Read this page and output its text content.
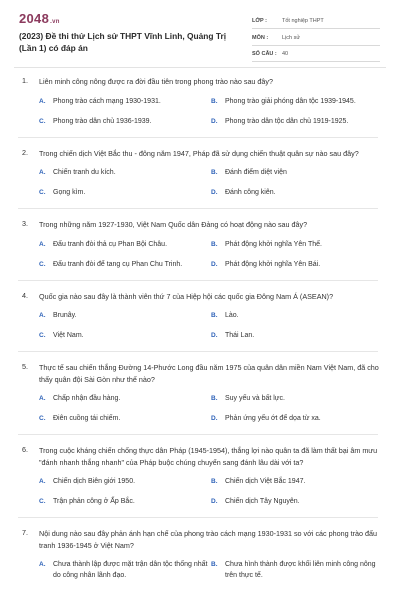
2048.vn
(2023) Đề thi thử Lịch sử THPT Vĩnh Linh, Quảng Trị (Lần 1) có đáp án
LỚP :	Tốt nghiệp THPT
MÔN :	Lịch sử
SỐ CÂU : 40
1. Liên minh công nông được ra đời đầu tiên trong phong trào nào sau đây?
A.	Phong trào cách mạng 1930-1931.	B.	Phong trào giải phóng dân tộc 1939-1945.
C.	Phong trào dân chủ 1936-1939.	D.	Phong trào dân tộc dân chủ 1919-1925.
2. Trong chiến dịch Việt Bắc thu - đông năm 1947, Pháp đã sử dụng chiến thuật quân sự nào sau đây?
A.	Chiến tranh du kích.	B.	Đánh điểm diệt viện
C.	Gọng kìm.	D.	Đánh công kiên.
3. Trong những năm 1927-1930, Việt Nam Quốc dân Đảng có hoạt động nào sau đây?
A.	Đấu tranh đòi thả cụ Phan Bội Châu.	B.	Phát động khởi nghĩa Yên Thế.
C.	Đấu tranh đòi để tang cụ Phan Chu Trinh.	D.	Phát động khởi nghĩa Yên Bái.
4. Quốc gia nào sau đây là thành viên thứ 7 của Hiệp hội các quốc gia Đông Nam Á (ASEAN)?
A.	Brunây.	B.	Lào.
C.	Việt Nam.	D.	Thái Lan.
5. Thực tế sau chiến thắng Đường 14-Phước Long đầu năm 1975 của quân dân miền Nam Việt Nam, đã cho thấy quân đội Sài Gòn như thế nào?
A.	Chấp nhận đầu hàng.	B.	Suy yếu và bất lực.
C.	Điên cuồng tái chiếm.	D.	Phản ứng yếu ớt để dọa từ xa.
6. Trong cuộc kháng chiến chống thực dân Pháp (1945-1954), thắng lợi nào quân ta đã làm thất bại âm mưu "đánh nhanh thắng nhanh" của Pháp buộc chúng chuyển sang đánh lâu dài với ta?
A.	Chiến dịch Biên giới 1950.	B.	Chiến dịch Việt Bắc 1947.
C.	Trận phản công ở Ấp Bắc.	D.	Chiến dịch Tây Nguyên.
7. Nội dung nào sau đây phản ánh hạn chế của phong trào cách mạng 1930-1931 so với các phong trào đấu tranh 1936-1945 ở Việt Nam?
A.	Chưa thành lập được mặt trận dân tộc thống nhất do công nhân lãnh đạo.
B.	Chưa hình thành được khối liên minh công nông trên thực tế.
